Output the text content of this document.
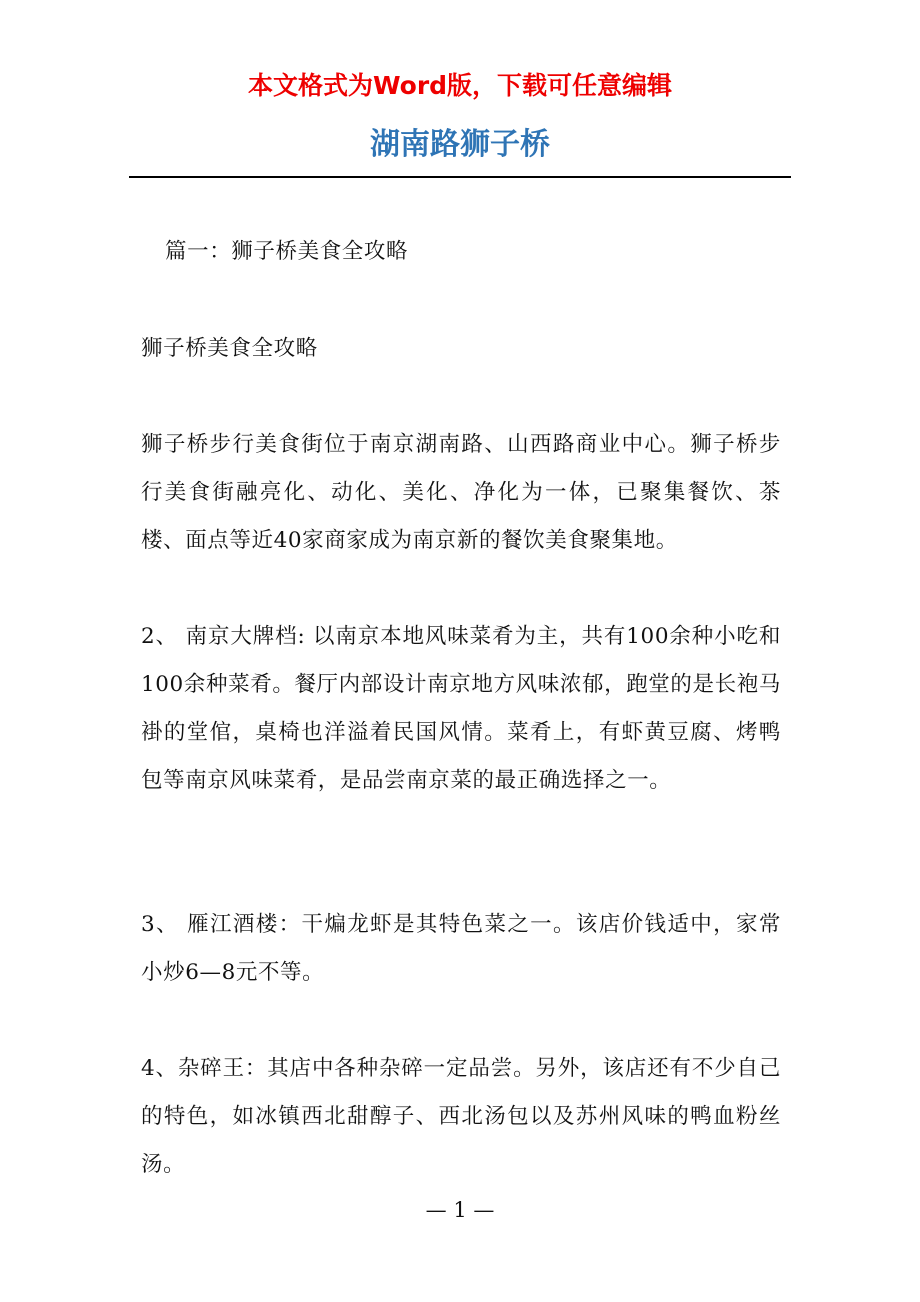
本文格式为Word版，下载可任意编辑

湖南路狮子桥

篇一：狮子桥美食全攻略

狮子桥美食全攻略

狮子桥步行美食街位于南京湖南路、山西路商业中心。狮子桥步行美食街融亮化、动化、美化、净化为一体，已聚集餐饮、茶楼、面点等近40家商家成为南京新的餐饮美食聚集地。

2、 南京大牌档: 以南京本地风味菜肴为主，共有100余种小吃和100余种菜肴。餐厅内部设计南京地方风味浓郁，跑堂的是长袍马褂的堂倌，桌椅也洋溢着民国风情。菜肴上，有虾黄豆腐、烤鸭包等南京风味菜肴，是品尝南京菜的最正确选择之一。

3、 雁江酒楼：干煸龙虾是其特色菜之一。该店价钱适中，家常小炒6—8元不等。

4、杂碎王：其店中各种杂碎一定品尝。另外，该店还有不少自己的特色，如冰镇西北甜醇子、西北汤包以及苏州风味的鸭血粉丝汤。

— 1 —
